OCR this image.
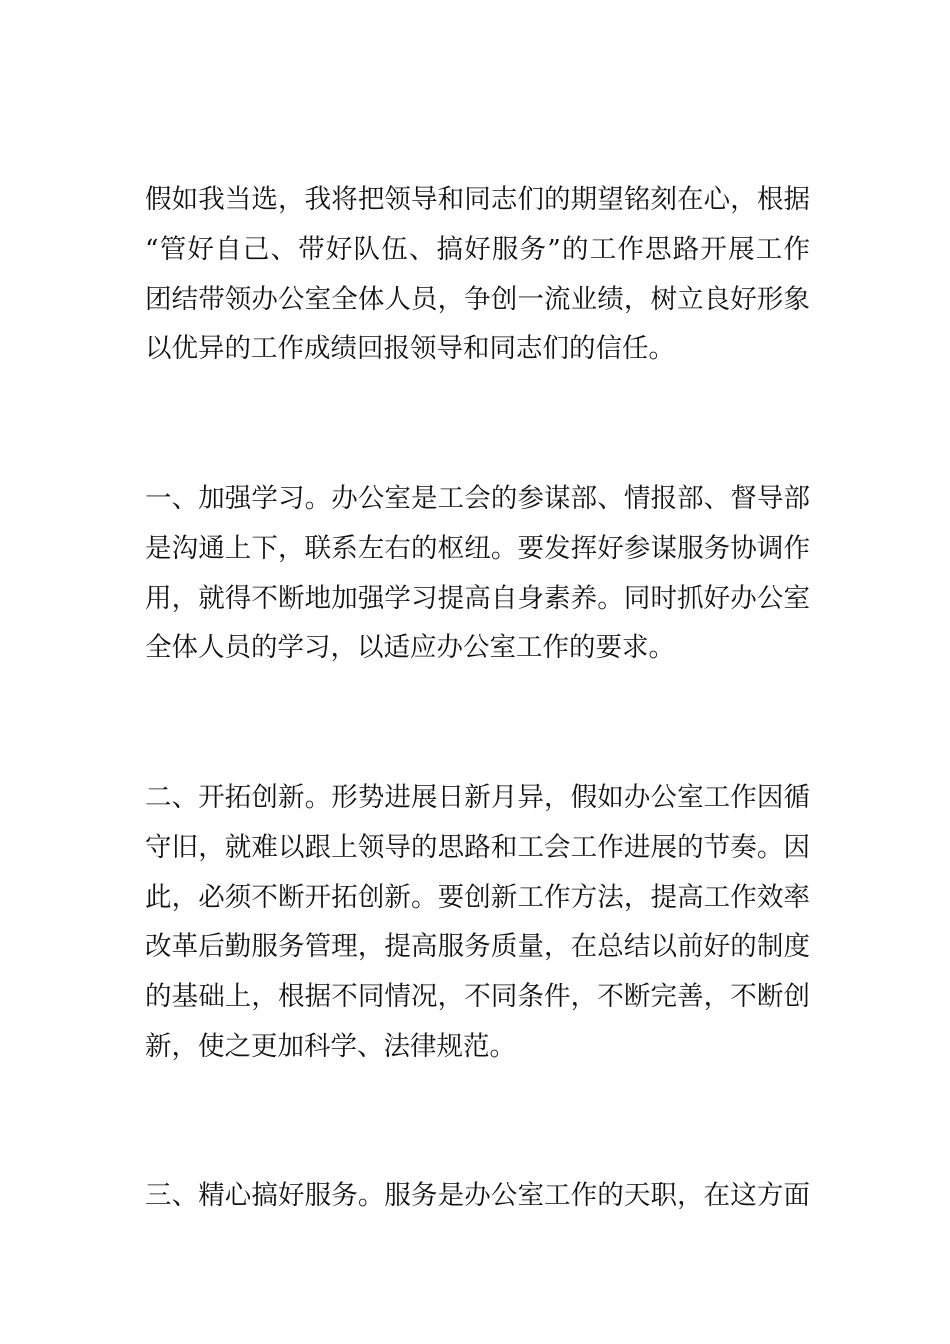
假如我当选，我将把领导和同志们的期望铭刻在心，根据
“管好自己、带好队伍、搞好服务”的工作思路开展工作
团结带领办公室全体人员，争创一流业绩，树立良好形象
以优异的工作成绩回报领导和同志们的信任。

一、加强学习。办公室是工会的参谋部、情报部、督导部
是沟通上下，联系左右的枢纽。要发挥好参谋服务协调作
用，就得不断地加强学习提高自身素养。同时抓好办公室
全体人员的学习，以适应办公室工作的要求。

二、开拓创新。形势进展日新月异，假如办公室工作因循
守旧，就难以跟上领导的思路和工会工作进展的节奏。因
此，必须不断开拓创新。要创新工作方法，提高工作效率
改革后勤服务管理，提高服务质量，在总结以前好的制度
的基础上，根据不同情况，不同条件，不断完善，不断创
新，使之更加科学、法律规范。

三、精心搞好服务。服务是办公室工作的天职，在这方面
